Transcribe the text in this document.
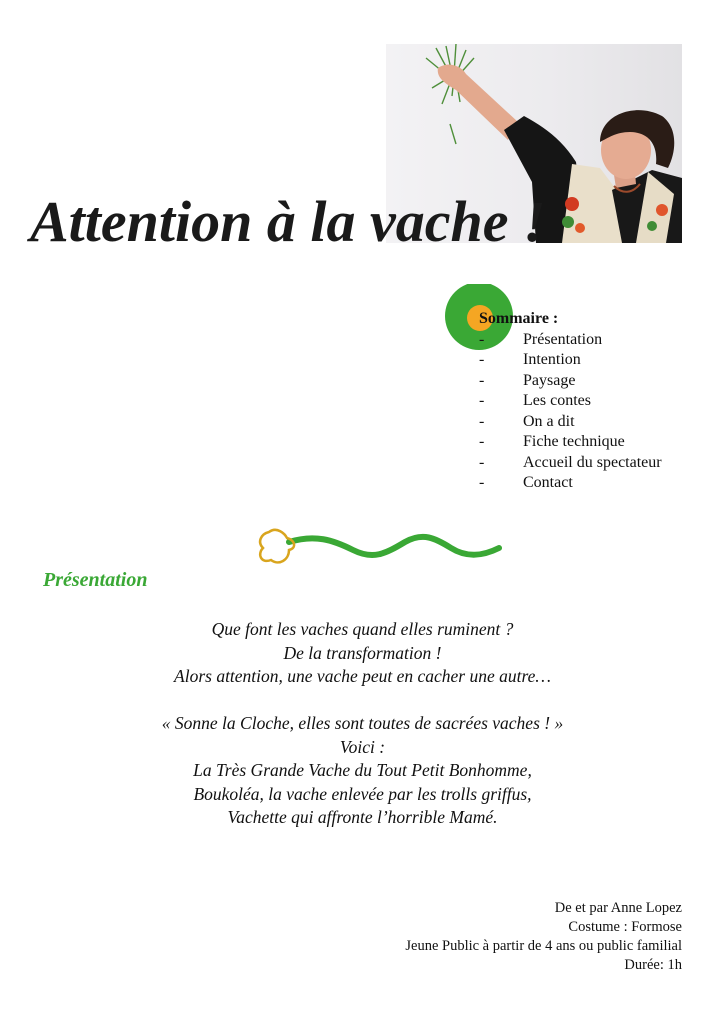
Attention à la vache !
Sommaire :
-	Présentation
-	Intention
-	Paysage
-	Les contes
-	On a dit
-	Fiche technique
-	Accueil du spectateur
-	Contact
Présentation
Que font les vaches quand elles ruminent ?
De la transformation !
Alors attention, une vache peut en cacher une autre…
« Sonne la Cloche, elles sont toutes de sacrées vaches ! »
Voici :
La Très Grande Vache du Tout Petit Bonhomme,
Boukoléa, la vache enlevée par les trolls griffus,
Vachette qui affronte l’horrible Mamé.
De et par Anne Lopez
Costume : Formose
Jeune Public à partir de 4 ans ou public familial
Durée: 1h
